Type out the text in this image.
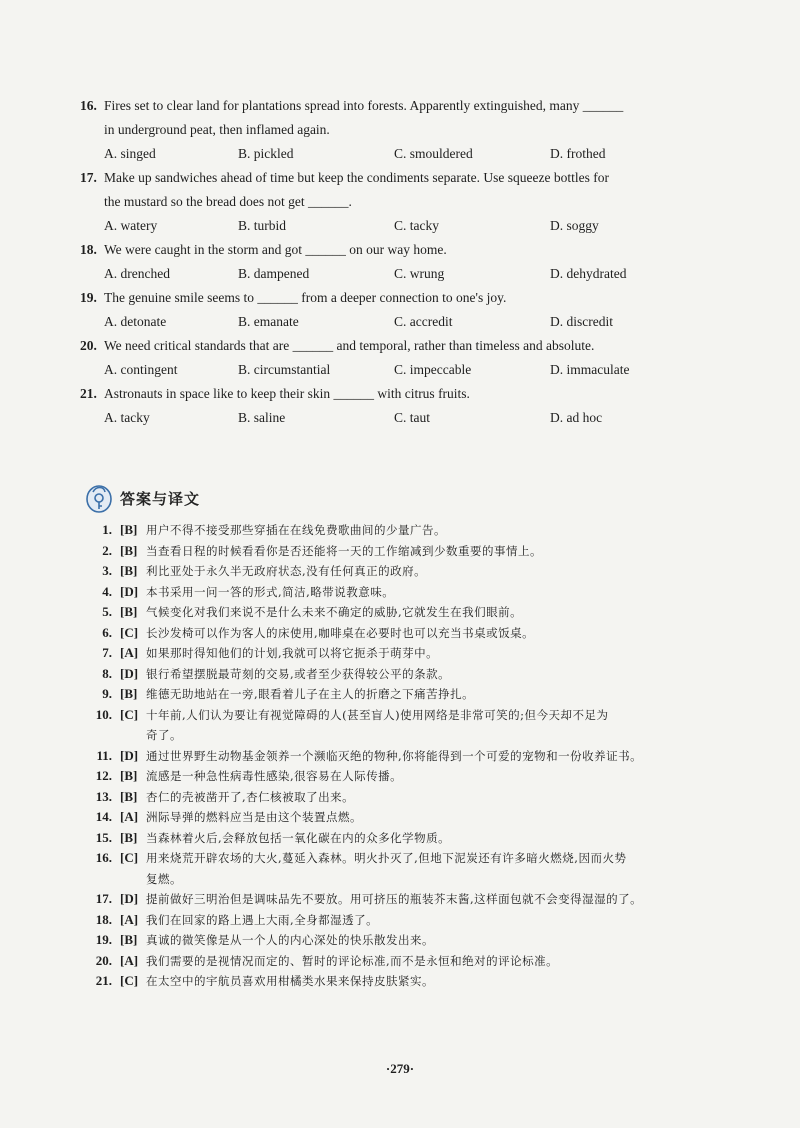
16. Fires set to clear land for plantations spread into forests. Apparently extinguished, many ______
in underground peat, then inflamed again.
A. singed	B. pickled	C. smouldered	D. frothed
17. Make up sandwiches ahead of time but keep the condiments separate. Use squeeze bottles for
the mustard so the bread does not get ______.
A. watery	B. turbid	C. tacky	D. soggy
18. We were caught in the storm and got ______ on our way home.
A. drenched	B. dampened	C. wrung	D. dehydrated
19. The genuine smile seems to ______ from a deeper connection to one's joy.
A. detonate	B. emanate	C. accredit	D. discredit
20. We need critical standards that are ______ and temporal, rather than timeless and absolute.
A. contingent	B. circumstantial	C. impeccable	D. immaculate
21. Astronauts in space like to keep their skin ______ with citrus fruits.
A. tacky	B. saline	C. taut	D. ad hoc
答案与译文
1. [B] 用户不得不接受那些穿插在在线免费歌曲间的少量广告。
2. [B] 当查看日程的时候看看你是否还能将一天的工作缩减到少数重要的事情上。
3. [B] 利比亚处于永久半无政府状态,没有任何真正的政府。
4. [D] 本书采用一问一答的形式,简洁,略带说教意味。
5. [B] 气候变化对我们来说不是什么未来不确定的威胁,它就发生在我们眼前。
6. [C] 长沙发椅可以作为客人的床使用,咖啡桌在必要时也可以充当书桌或饭桌。
7. [A] 如果那时得知他们的计划,我就可以将它扼杀于萌芽中。
8. [D] 银行希望摆脱最苛刻的交易,或者至少获得较公平的条款。
9. [B] 维德无助地站在一旁,眼看着儿子在主人的折磨之下痛苦挣扎。
10. [C] 十年前,人们认为要让有视觉障碍的人(甚至盲人)使用网络是非常可笑的;但今天却不足为
奇了。
11. [D] 通过世界野生动物基金领养一个濒临灭绝的物种,你将能得到一个可爱的宠物和一份收养证书。
12. [B] 流感是一种急性病毒性感染,很容易在人际传播。
13. [B] 杏仁的壳被凿开了,杏仁核被取了出来。
14. [A] 洲际导弹的燃料应当是由这个装置点燃。
15. [B] 当森林着火后,会释放包括一氧化碳在内的众多化学物质。
16. [C] 用来烧荒开辟农场的大火,蔓延入森林。明火扑灭了,但地下泥炭还有许多暗火燃烧,因而火势
复燃。
17. [D] 提前做好三明治但是调味品先不要放。用可挤压的瓶装芥末酱,这样面包就不会变得湿湿的了。
18. [A] 我们在回家的路上遇上大雨,全身都湿透了。
19. [B] 真诚的微笑像是从一个人的内心深处的快乐散发出来。
20. [A] 我们需要的是视情况而定的、暂时的评论标准,而不是永恒和绝对的评论标准。
21. [C] 在太空中的宇航员喜欢用柑橘类水果来保持皮肤紧实。
·279·
